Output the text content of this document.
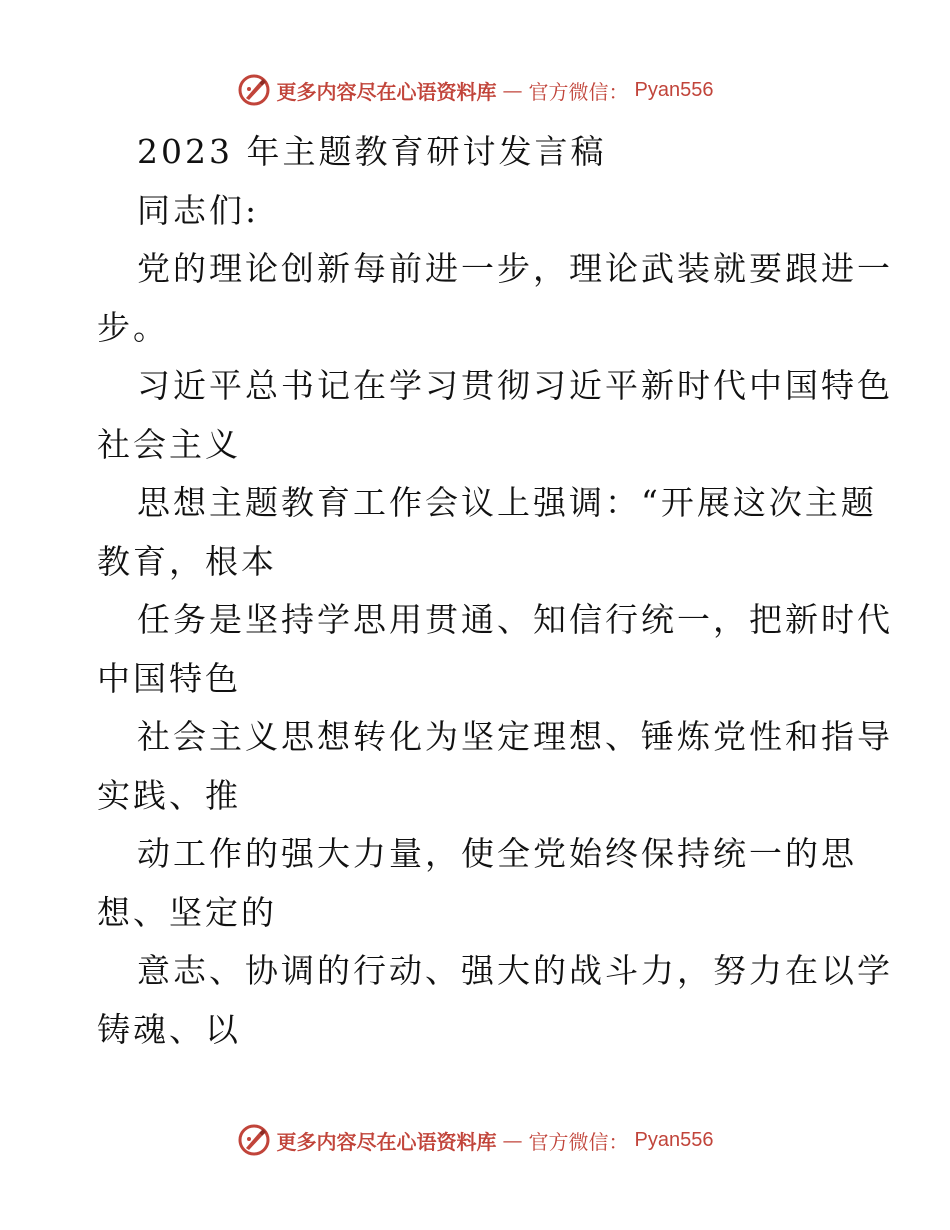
更多内容尽在心语资料库 — 官方微信： Pyan556
2023 年主题教育研讨发言稿
同志们:
党的理论创新每前进一步，理论武装就要跟进一
步。
习近平总书记在学习贯彻习近平新时代中国特色
社会主义
思想主题教育工作会议上强调：“开展这次主题
教育，根本
任务是坚持学思用贯通、知信行统一，把新时代
中国特色
社会主义思想转化为坚定理想、锤炼党性和指导
实践、推
动工作的强大力量，使全党始终保持统一的思
想、坚定的
意志、协调的行动、强大的战斗力，努力在以学
铸魂、以
更多内容尽在心语资料库 — 官方微信： Pyan556
